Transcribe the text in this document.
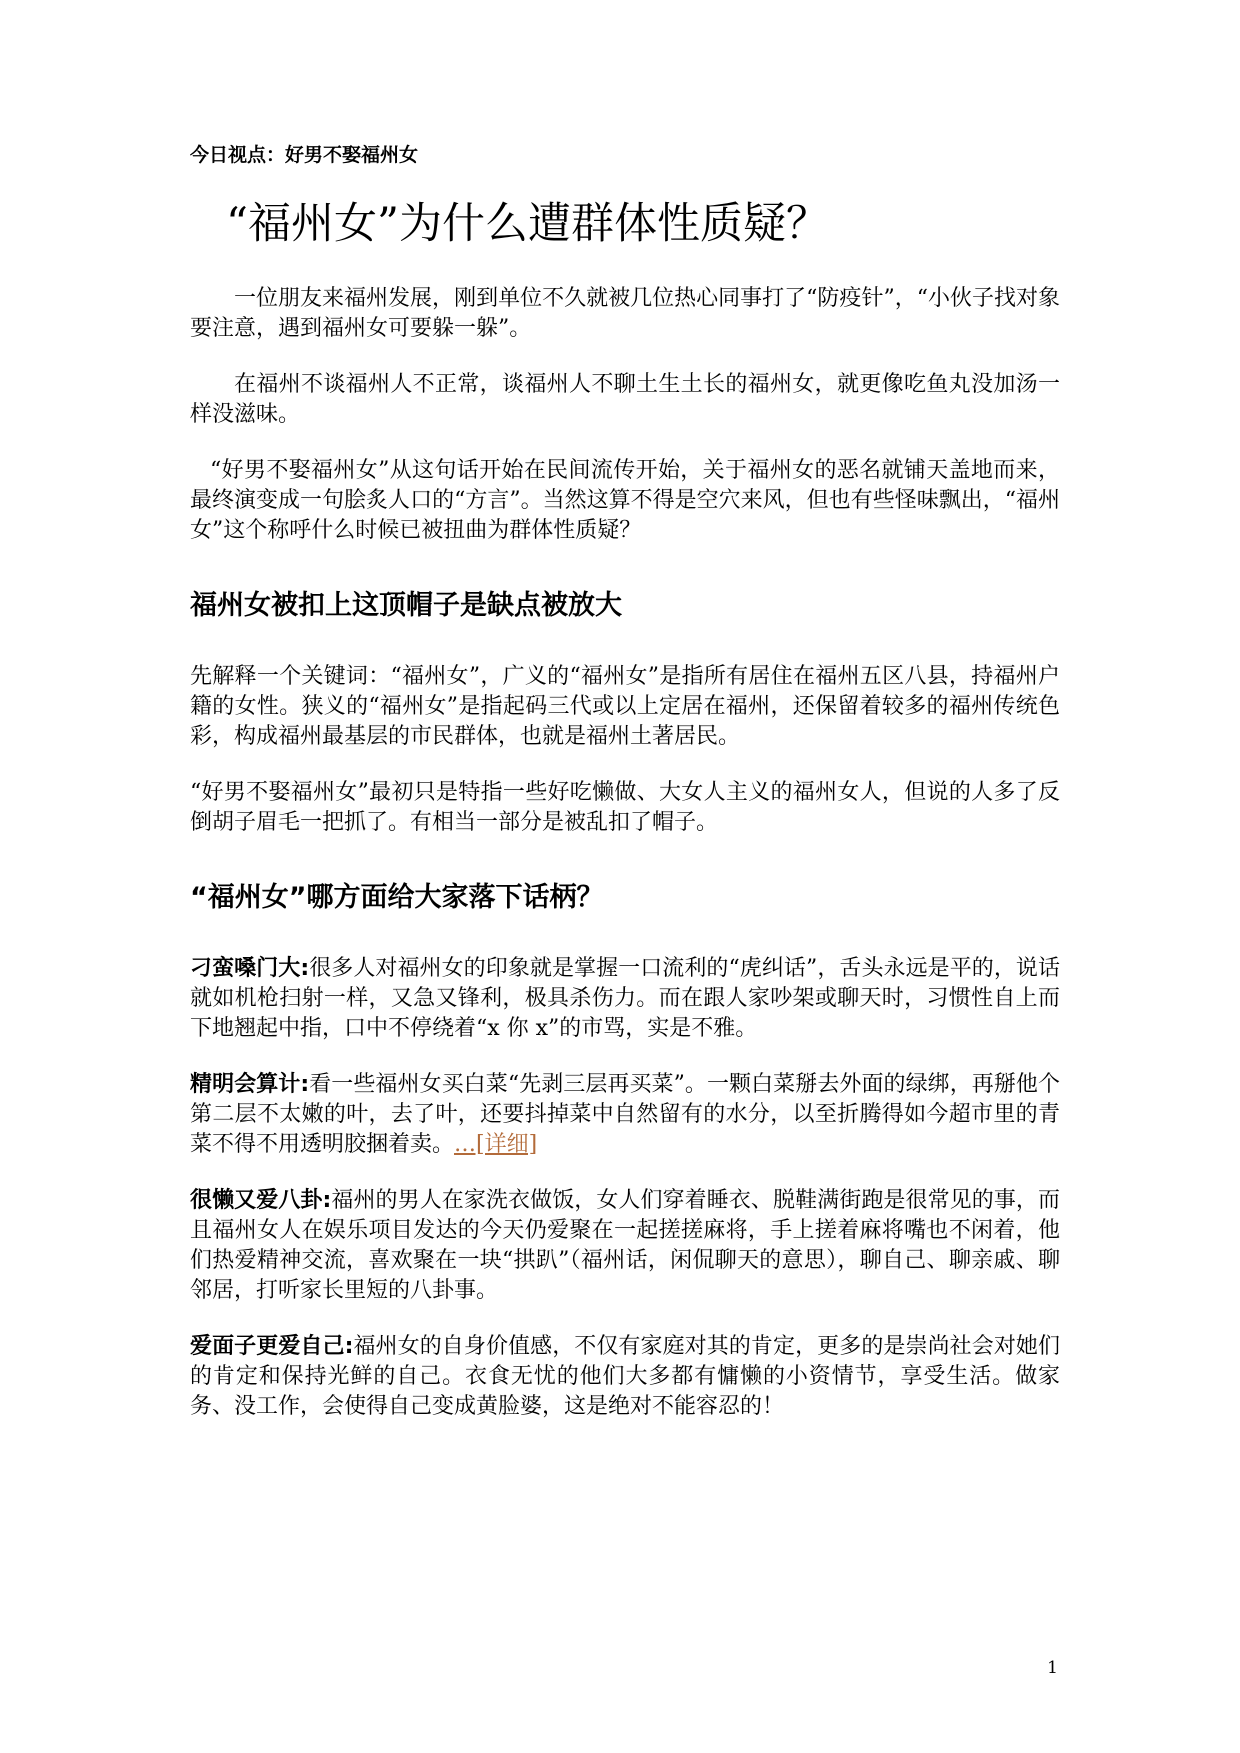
今日视点：好男不娶福州女
“福州女”为什么遭群体性质疑？

一位朋友来福州发展，刚到单位不久就被几位热心同事打了“防疫针”，“小伙子找对象要注意，遇到福州女可要躲一躲”。

在福州不谈福州人不正常，谈福州人不聊土生土长的福州女，就更像吃鱼丸没加汤一样没滋味。

“好男不娶福州女”从这句话开始在民间流传开始，关于福州女的恶名就铺天盖地而来，最终演变成一句脍炙人口的“方言”。当然这算不得是空穴来风，但也有些怪味飘出，“福州女”这个称呼什么时候已被扭曲为群体性质疑？

福州女被扣上这顶帽子是缺点被放大

先解释一个关键词：“福州女”，广义的“福州女”是指所有居住在福州五区八县，持福州户籍的女性。狭义的“福州女”是指起码三代或以上定居在福州，还保留着较多的福州传统色彩，构成福州最基层的市民群体，也就是福州土著居民。

“好男不娶福州女”最初只是特指一些好吃懒做、大女人主义的福州女人，但说的人多了反倒胡子眉毛一把抓了。有相当一部分是被乱扣了帽子。

“福州女”哪方面给大家落下话柄？

刁蛮嗓门大:很多人对福州女的印象就是掌握一口流利的“虎纠话”，舌头永远是平的，说话就如机枪扫射一样，又急又锋利，极具杀伤力。而在跟人家吵架或聊天时，习惯性自上而下地翘起中指，口中不停绕着“x 你 x”的市骂，实是不雅。

精明会算计:看一些福州女买白菜“先剥三层再买菜”。一颗白菜掰去外面的绿绑，再掰他个第二层不太嫩的叶，去了叶，还要抖掉菜中自然留有的水分，以至折腾得如今超市里的青菜不得不用透明胶捆着卖。…[详细]

很懒又爱八卦:福州的男人在家洗衣做饭，女人们穿着睡衣、脱鞋满街跑是很常见的事，而且福州女人在娱乐项目发达的今天仍爱聚在一起搓搓麻将，手上搓着麻将嘴也不闲着，他们热爱精神交流，喜欢聚在一块“拱趴”（福州话，闲侃聊天的意思），聊自己、聊亲戚、聊邻居，打听家长里短的八卦事。

爱面子更爱自己:福州女的自身价值感，不仅有家庭对其的肯定，更多的是崇尚社会对她们的肯定和保持光鲜的自己。衣食无忧的他们大多都有慵懒的小资情节，享受生活。做家务、没工作，会使得自己变成黄脸婆，这是绝对不能容忍的！

1
